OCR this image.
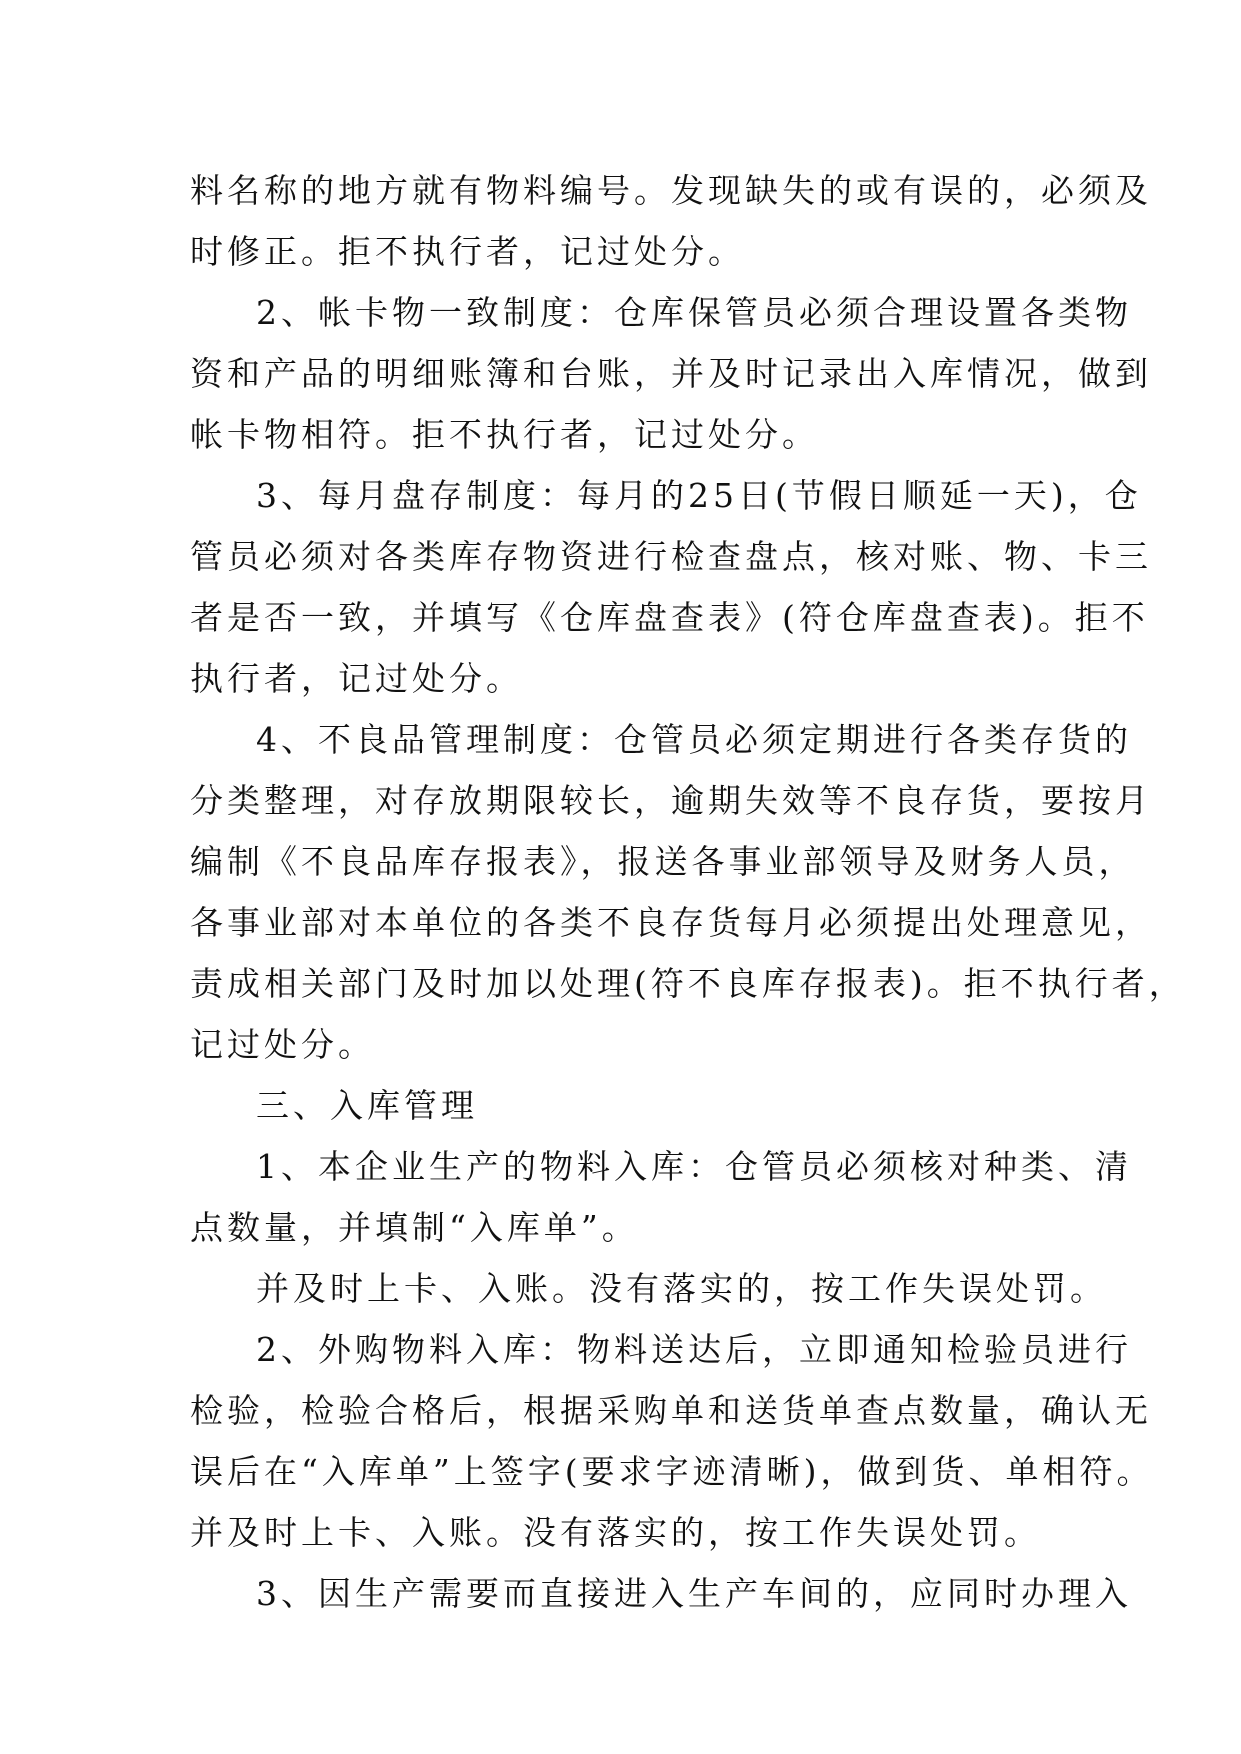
料名称的地方就有物料编号。发现缺失的或有误的，必须及
时修正。拒不执行者，记过处分。
2、帐卡物一致制度：仓库保管员必须合理设置各类物
资和产品的明细账簿和台账，并及时记录出入库情况，做到
帐卡物相符。拒不执行者，记过处分。
3、每月盘存制度：每月的25日(节假日顺延一天)，仓
管员必须对各类库存物资进行检查盘点，核对账、物、卡三
者是否一致，并填写《仓库盘查表》(符仓库盘查表)。拒不
执行者，记过处分。
4、不良品管理制度：仓管员必须定期进行各类存货的
分类整理，对存放期限较长，逾期失效等不良存货，要按月
编制《不良品库存报表》，报送各事业部领导及财务人员，
各事业部对本单位的各类不良存货每月必须提出处理意见，
责成相关部门及时加以处理(符不良库存报表)。拒不执行者，
记过处分。
三、入库管理
1、本企业生产的物料入库：仓管员必须核对种类、清
点数量，并填制“入库单”。
并及时上卡、入账。没有落实的，按工作失误处罚。
2、外购物料入库：物料送达后，立即通知检验员进行
检验，检验合格后，根据采购单和送货单查点数量，确认无
误后在“入库单”上签字(要求字迹清晰)，做到货、单相符。
并及时上卡、入账。没有落实的，按工作失误处罚。
3、因生产需要而直接进入生产车间的，应同时办理入
